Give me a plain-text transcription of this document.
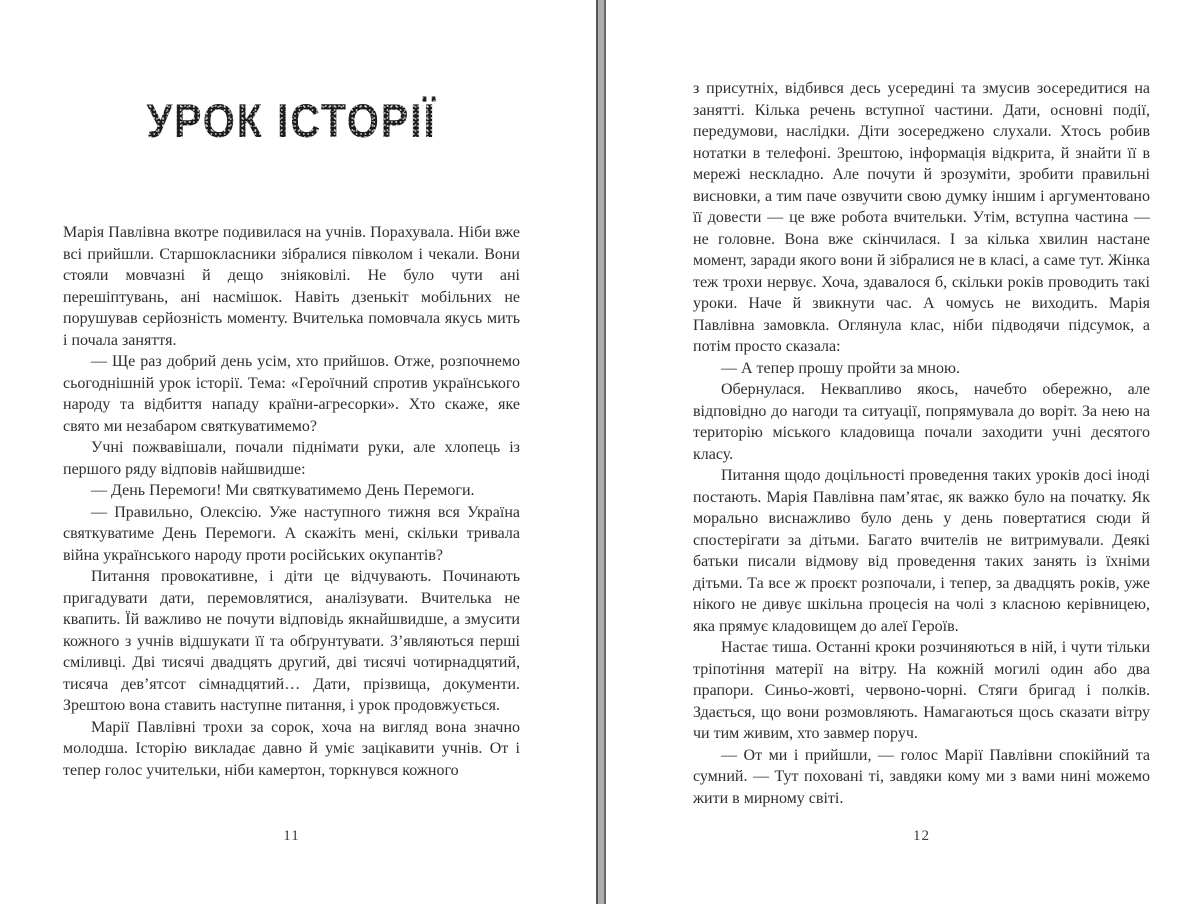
УРОК ІСТОРІЇ

Марія Павлівна вкотре подивилася на учнів. Порахувала. Ніби вже всі прийшли. Старшокласники зібралися півколом і чекали. Вони стояли мовчазні й дещо зніяковілі. Не було чути ані перешіптувань, ані насмішок. Навіть дзенькіт мобільних не порушував серйозність моменту. Вчителька помовчала якусь мить і почала заняття.

— Ще раз добрий день усім, хто прийшов. Отже, розпочнемо сьогоднішній урок історії. Тема: «Героїчний спротив українського народу та відбиття нападу країни-агресорки». Хто скаже, яке свято ми незабаром святкуватимемо?

Учні пожвавішали, почали піднімати руки, але хлопець із першого ряду відповів найшвидше:

— День Перемоги! Ми святкуватимемо День Перемоги.

— Правильно, Олексію. Уже наступного тижня вся Україна святкуватиме День Перемоги. А скажіть мені, скільки тривала війна українського народу проти російських окупантів?

Питання провокативне, і діти це відчувають. Починають пригадувати дати, перемовлятися, аналізувати. Вчителька не квапить. Їй важливо не почути відповідь якнайшвидше, а змусити кожного з учнів відшукати її та обґрунтувати. З’являються перші сміливці. Дві тисячі двадцять другий, дві тисячі чотирнадцятий, тисяча дев’ятсот сімнадцятий… Дати, прізвища, документи. Зрештою вона ставить наступне питання, і урок продовжується.

Марії Павлівні трохи за сорок, хоча на вигляд вона значно молодша. Історію викладає давно й уміє зацікавити учнів. От і тепер голос учительки, ніби камертон, торкнувся кожного

11

з присутніх, відбився десь усередині та змусив зосередитися на занятті. Кілька речень вступної частини. Дати, основні події, передумови, наслідки. Діти зосереджено слухали. Хтось робив нотатки в телефоні. Зрештою, інформація відкрита, й знайти її в мережі нескладно. Але почути й зрозуміти, зробити правильні висновки, а тим паче озвучити свою думку іншим і аргументовано її довести — це вже робота вчительки. Утім, вступна частина — не головне. Вона вже скінчилася. І за кілька хвилин настане момент, заради якого вони й зібралися не в класі, а саме тут. Жінка теж трохи нервує. Хоча, здавалося б, скільки років проводить такі уроки. Наче й звикнути час. А чомусь не виходить. Марія Павлівна замовкла. Оглянула клас, ніби підводячи підсумок, а потім просто сказала:

— А тепер прошу пройти за мною.

Обернулася. Неквапливо якось, начебто обережно, але відповідно до нагоди та ситуації, попрямувала до воріт. За нею на територію міського кладовища почали заходити учні десятого класу.

Питання щодо доцільності проведення таких уроків досі іноді постають. Марія Павлівна пам’ятає, як важко було на початку. Як морально виснажливо було день у день повертатися сюди й спостерігати за дітьми. Багато вчителів не витримували. Деякі батьки писали відмову від проведення таких занять із їхніми дітьми. Та все ж проєкт розпочали, і тепер, за двадцять років, уже нікого не дивує шкільна процесія на чолі з класною керівницею, яка прямує кладовищем до алеї Героїв.

Настає тиша. Останні кроки розчиняються в ній, і чути тільки тріпотіння матерії на вітру. На кожній могилі один або два прапори. Синьо-жовті, червоно-чорні. Стяги бригад і полків. Здається, що вони розмовляють. Намагаються щось сказати вітру чи тим живим, хто завмер поруч.

— От ми і прийшли, — голос Марії Павлівни спокійний та сумний. — Тут поховані ті, завдяки кому ми з вами нині можемо жити в мирному світі.

12
